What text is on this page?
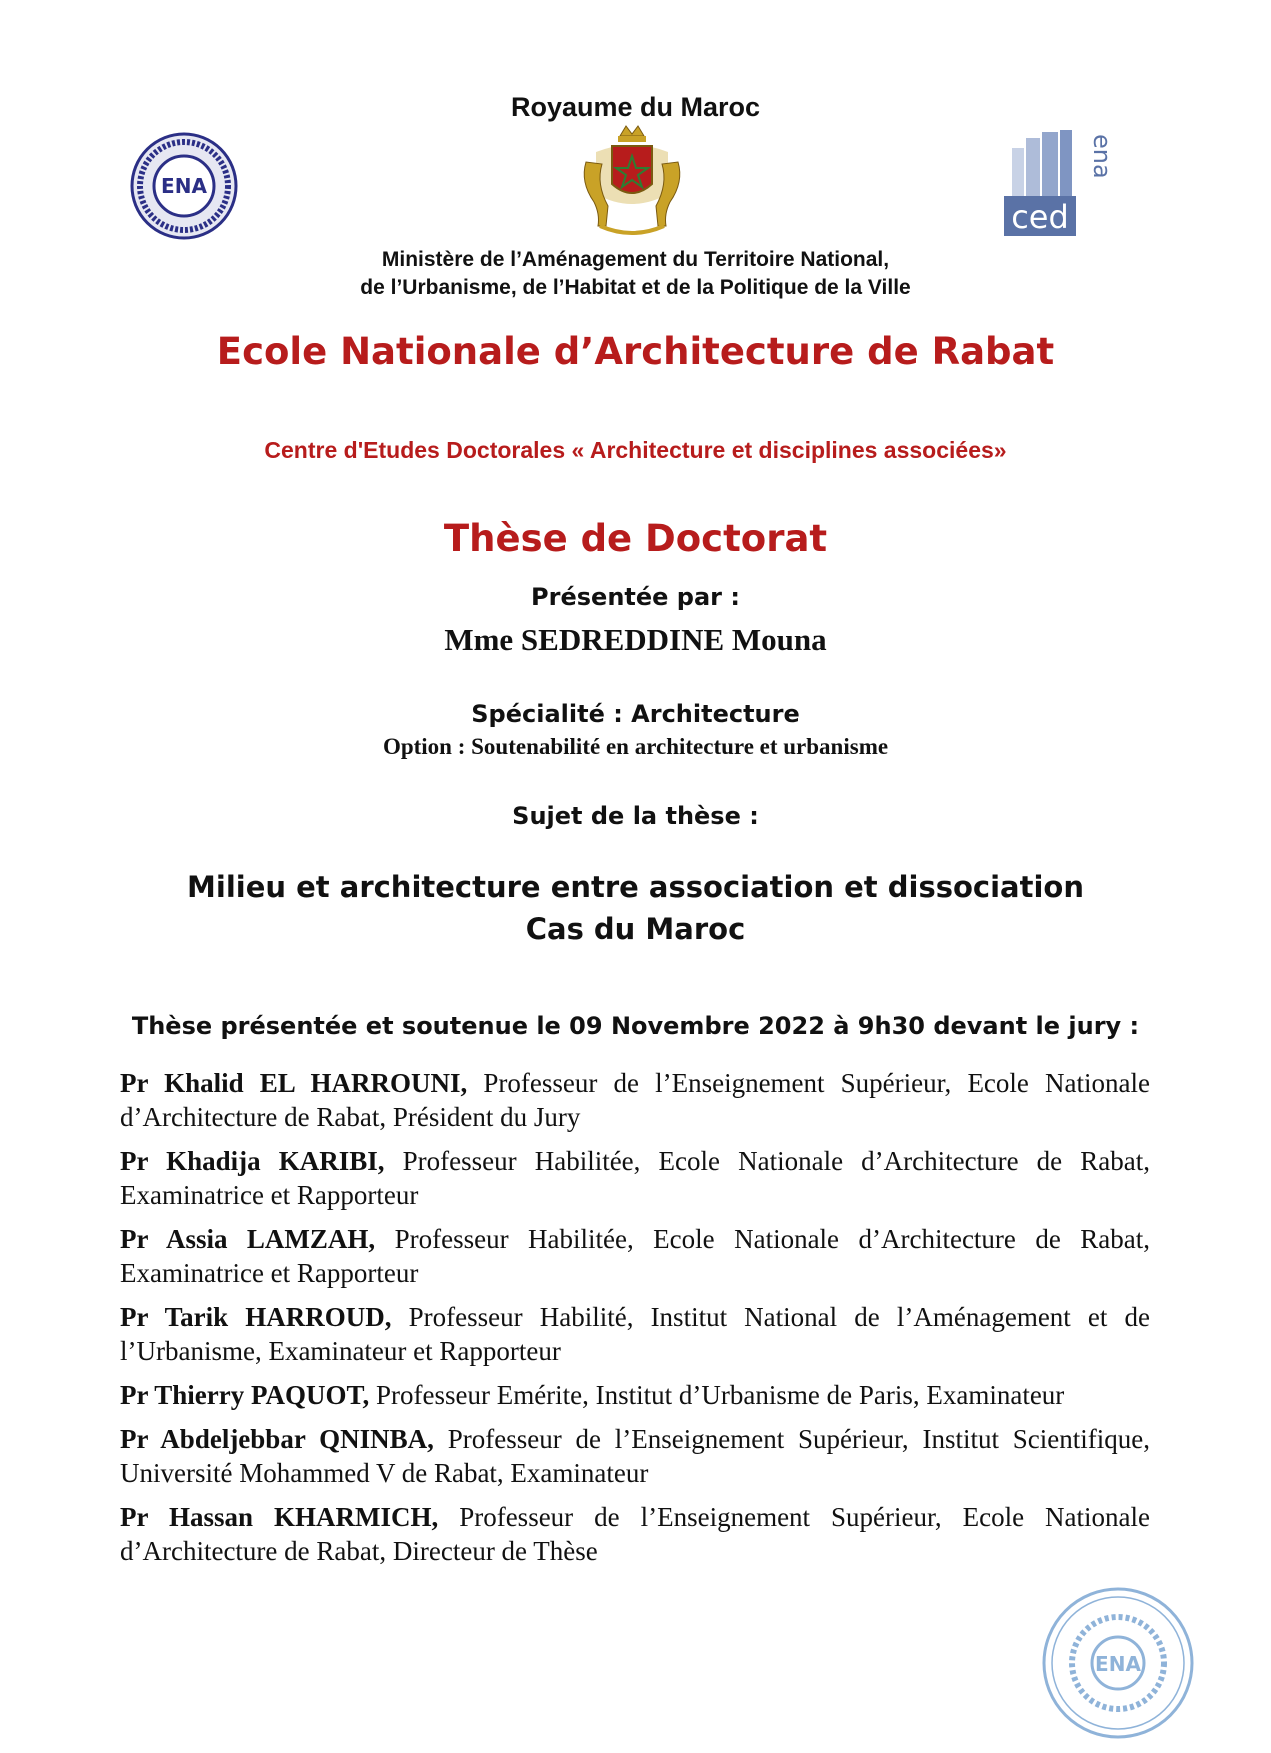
Royaume du Maroc
ENA
ced
ena
Ministère de l’Aménagement du Territoire National,
de l’Urbanisme, de l’Habitat et de la Politique de la Ville
Ecole Nationale d’Architecture de Rabat
Centre d'Etudes Doctorales « Architecture et disciplines associées»
Thèse de Doctorat
Présentée par :
Mme SEDREDDINE Mouna
Spécialité : Architecture
Option : Soutenabilité en architecture et urbanisme
Sujet de la thèse :
Milieu et architecture entre association et dissociation
Cas du Maroc
Thèse présentée et soutenue le 09 Novembre 2022 à 9h30 devant le jury :

Pr Khalid EL HARROUNI, Professeur de l’Enseignement Supérieur, Ecole Nationale d’Architecture de Rabat, Président du Jury

Pr Khadija KARIBI, Professeur Habilitée, Ecole Nationale d’Architecture de Rabat, Examinatrice et Rapporteur

Pr Assia LAMZAH, Professeur Habilitée, Ecole Nationale d’Architecture de Rabat, Examinatrice et Rapporteur

Pr Tarik HARROUD, Professeur Habilité, Institut National de l’Aménagement et de l’Urbanisme, Examinateur et Rapporteur

Pr Thierry PAQUOT, Professeur Emérite, Institut d’Urbanisme de Paris, Examinateur

Pr Abdeljebbar QNINBA, Professeur de l’Enseignement Supérieur, Institut Scientifique, Université Mohammed V de Rabat, Examinateur

Pr Hassan KHARMICH, Professeur de l’Enseignement Supérieur, Ecole Nationale d’Architecture de Rabat, Directeur de Thèse

ENA
